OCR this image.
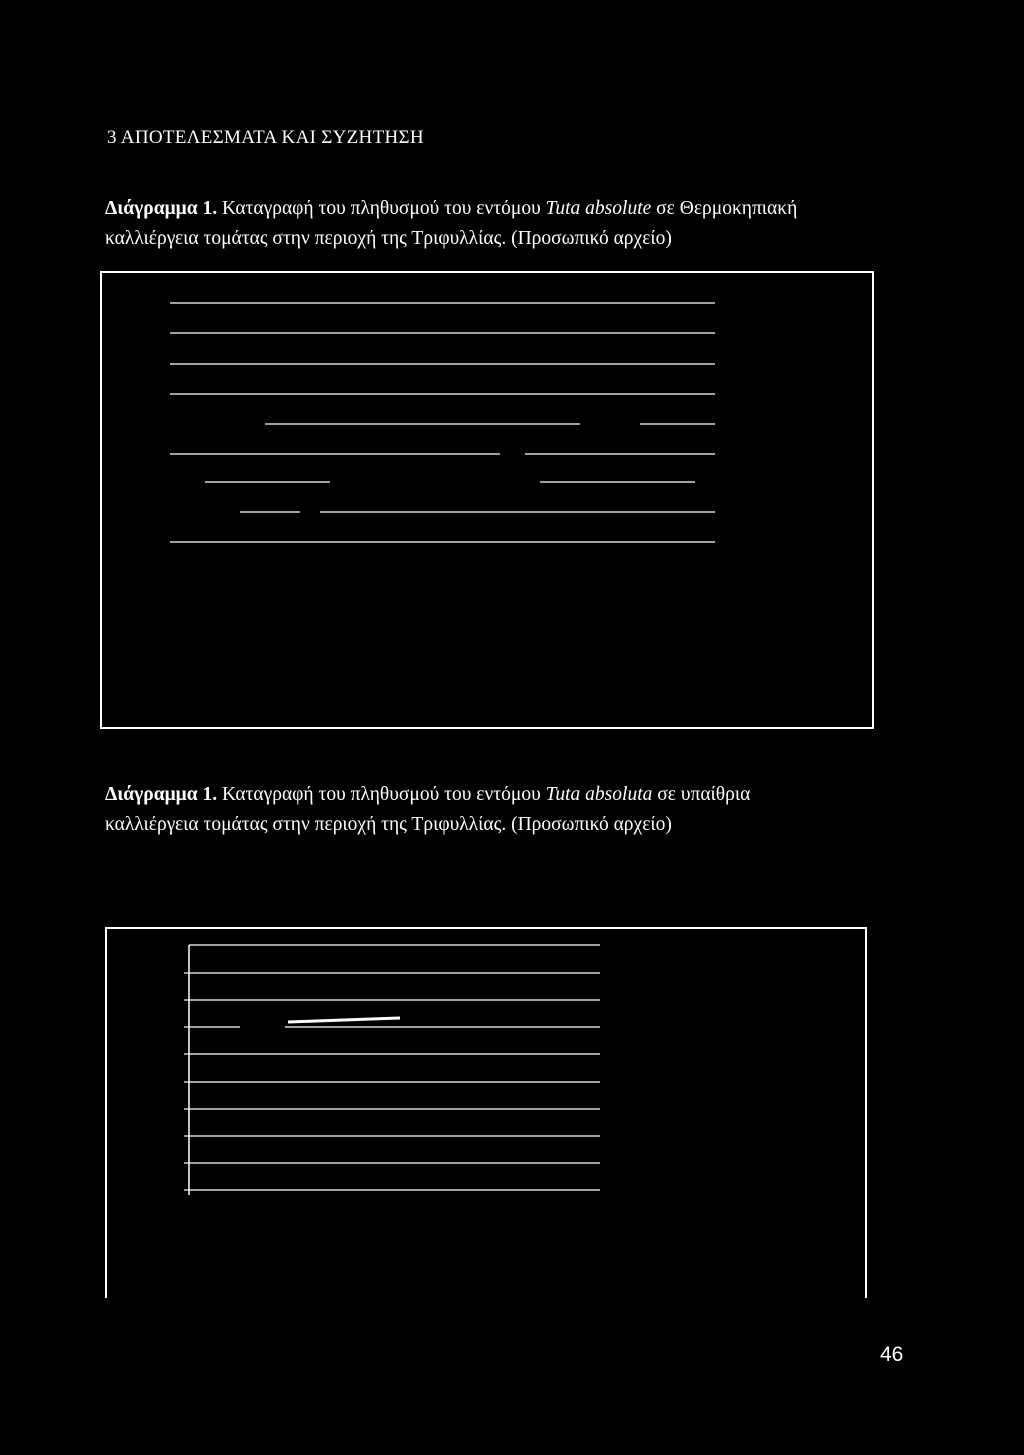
3 ΑΠΟΤΕΛΕΣΜΑΤΑ ΚΑΙ ΣΥΖΗΤΗΣΗ
Διάγραμμα 1. Καταγραφή του πληθυσμού του εντόμου Tuta absolute σε Θερμοκηπιακή
καλλιέργεια τομάτας στην περιοχή της Τριφυλλίας. (Προσωπικό αρχείο)
Διάγραμμα 1. Καταγραφή του πληθυσμού του εντόμου Tuta absoluta σε υπαίθρια
καλλιέργεια τομάτας στην περιοχή της Τριφυλλίας. (Προσωπικό αρχείο)
46
